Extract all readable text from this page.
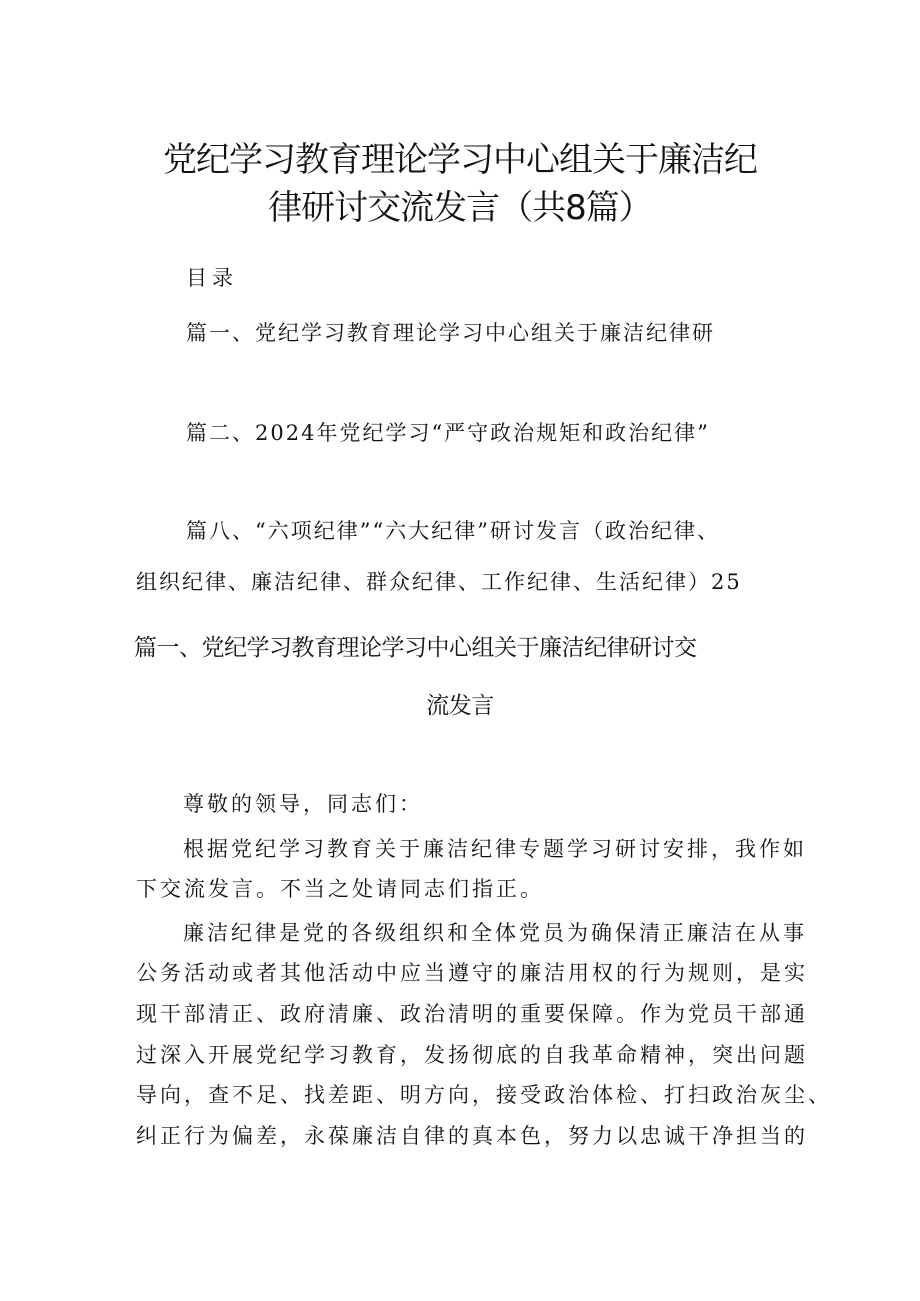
党纪学习教育理论学习中心组关于廉洁纪
律研讨交流发言（共8篇）
目录
篇一、党纪学习教育理论学习中心组关于廉洁纪律研
篇二、2024年党纪学习“严守政治规矩和政治纪律”
篇八、“六项纪律”“六大纪律”研讨发言（政治纪律、
组织纪律、廉洁纪律、群众纪律、工作纪律、生活纪律）25
篇一、党纪学习教育理论学习中心组关于廉洁纪律研讨交
流发言
尊敬的领导，同志们：
根据党纪学习教育关于廉洁纪律专题学习研讨安排，我作如
下交流发言。不当之处请同志们指正。
廉洁纪律是党的各级组织和全体党员为确保清正廉洁在从事
公务活动或者其他活动中应当遵守的廉洁用权的行为规则，是实
现干部清正、政府清廉、政治清明的重要保障。作为党员干部通
过深入开展党纪学习教育，发扬彻底的自我革命精神，突出问题
导向，查不足、找差距、明方向，接受政治体检、打扫政治灰尘、
纠正行为偏差，永葆廉洁自律的真本色，努力以忠诚干净担当的
